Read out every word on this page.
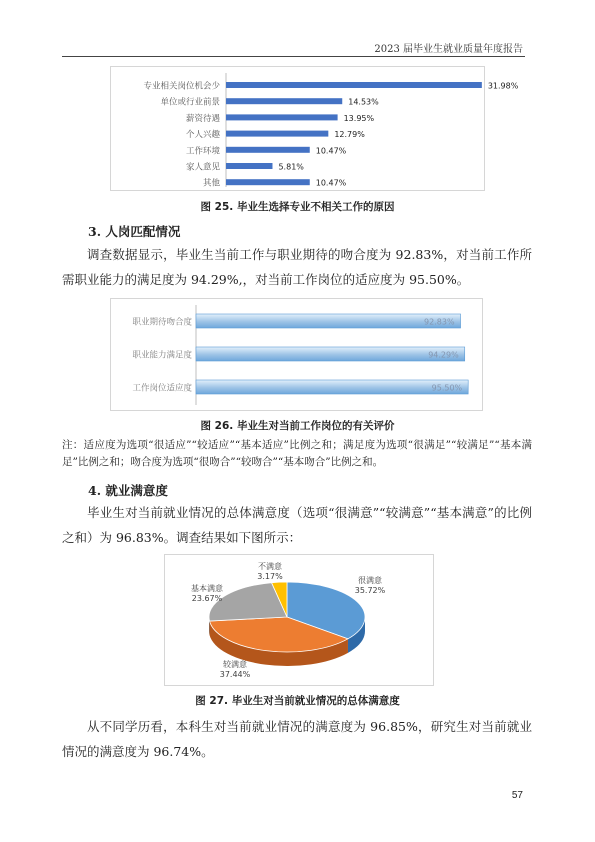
2023 届毕业生就业质量年度报告
专业相关岗位机会少	31.98%
单位或行业前景	14.53%
薪资待遇	13.95%
个人兴趣	12.79%
工作环境	10.47%
家人意见	5.81%
其他	10.47%
图 25. 毕业生选择专业不相关工作的原因
3. 人岗匹配情况
调查数据显示，毕业生当前工作与职业期待的吻合度为 92.83%，对当前工作所需职业能力的满足度为 94.29%,，对当前工作岗位的适应度为 95.50%。
职业期待吻合度	92.83%
职业能力满足度	94.29%
工作岗位适应度	95.50%
图 26. 毕业生对当前工作岗位的有关评价
注：适应度为选项“很适应”“较适应”“基本适应”比例之和；满足度为选项“很满足”“较满足”“基本满足”比例之和；吻合度为选项“很吻合”“较吻合”“基本吻合”比例之和。
4. 就业满意度
毕业生对当前就业情况的总体满意度（选项“很满意”“较满意”“基本满意”的比例之和）为 96.83%。调查结果如下图所示：
很满意
35.72%
较满意
37.44%
基本满意
23.67%
不满意
3.17%
图 27. 毕业生对当前就业情况的总体满意度
从不同学历看，本科生对当前就业情况的满意度为 96.85%，研究生对当前就业情况的满意度为 96.74%。
57
